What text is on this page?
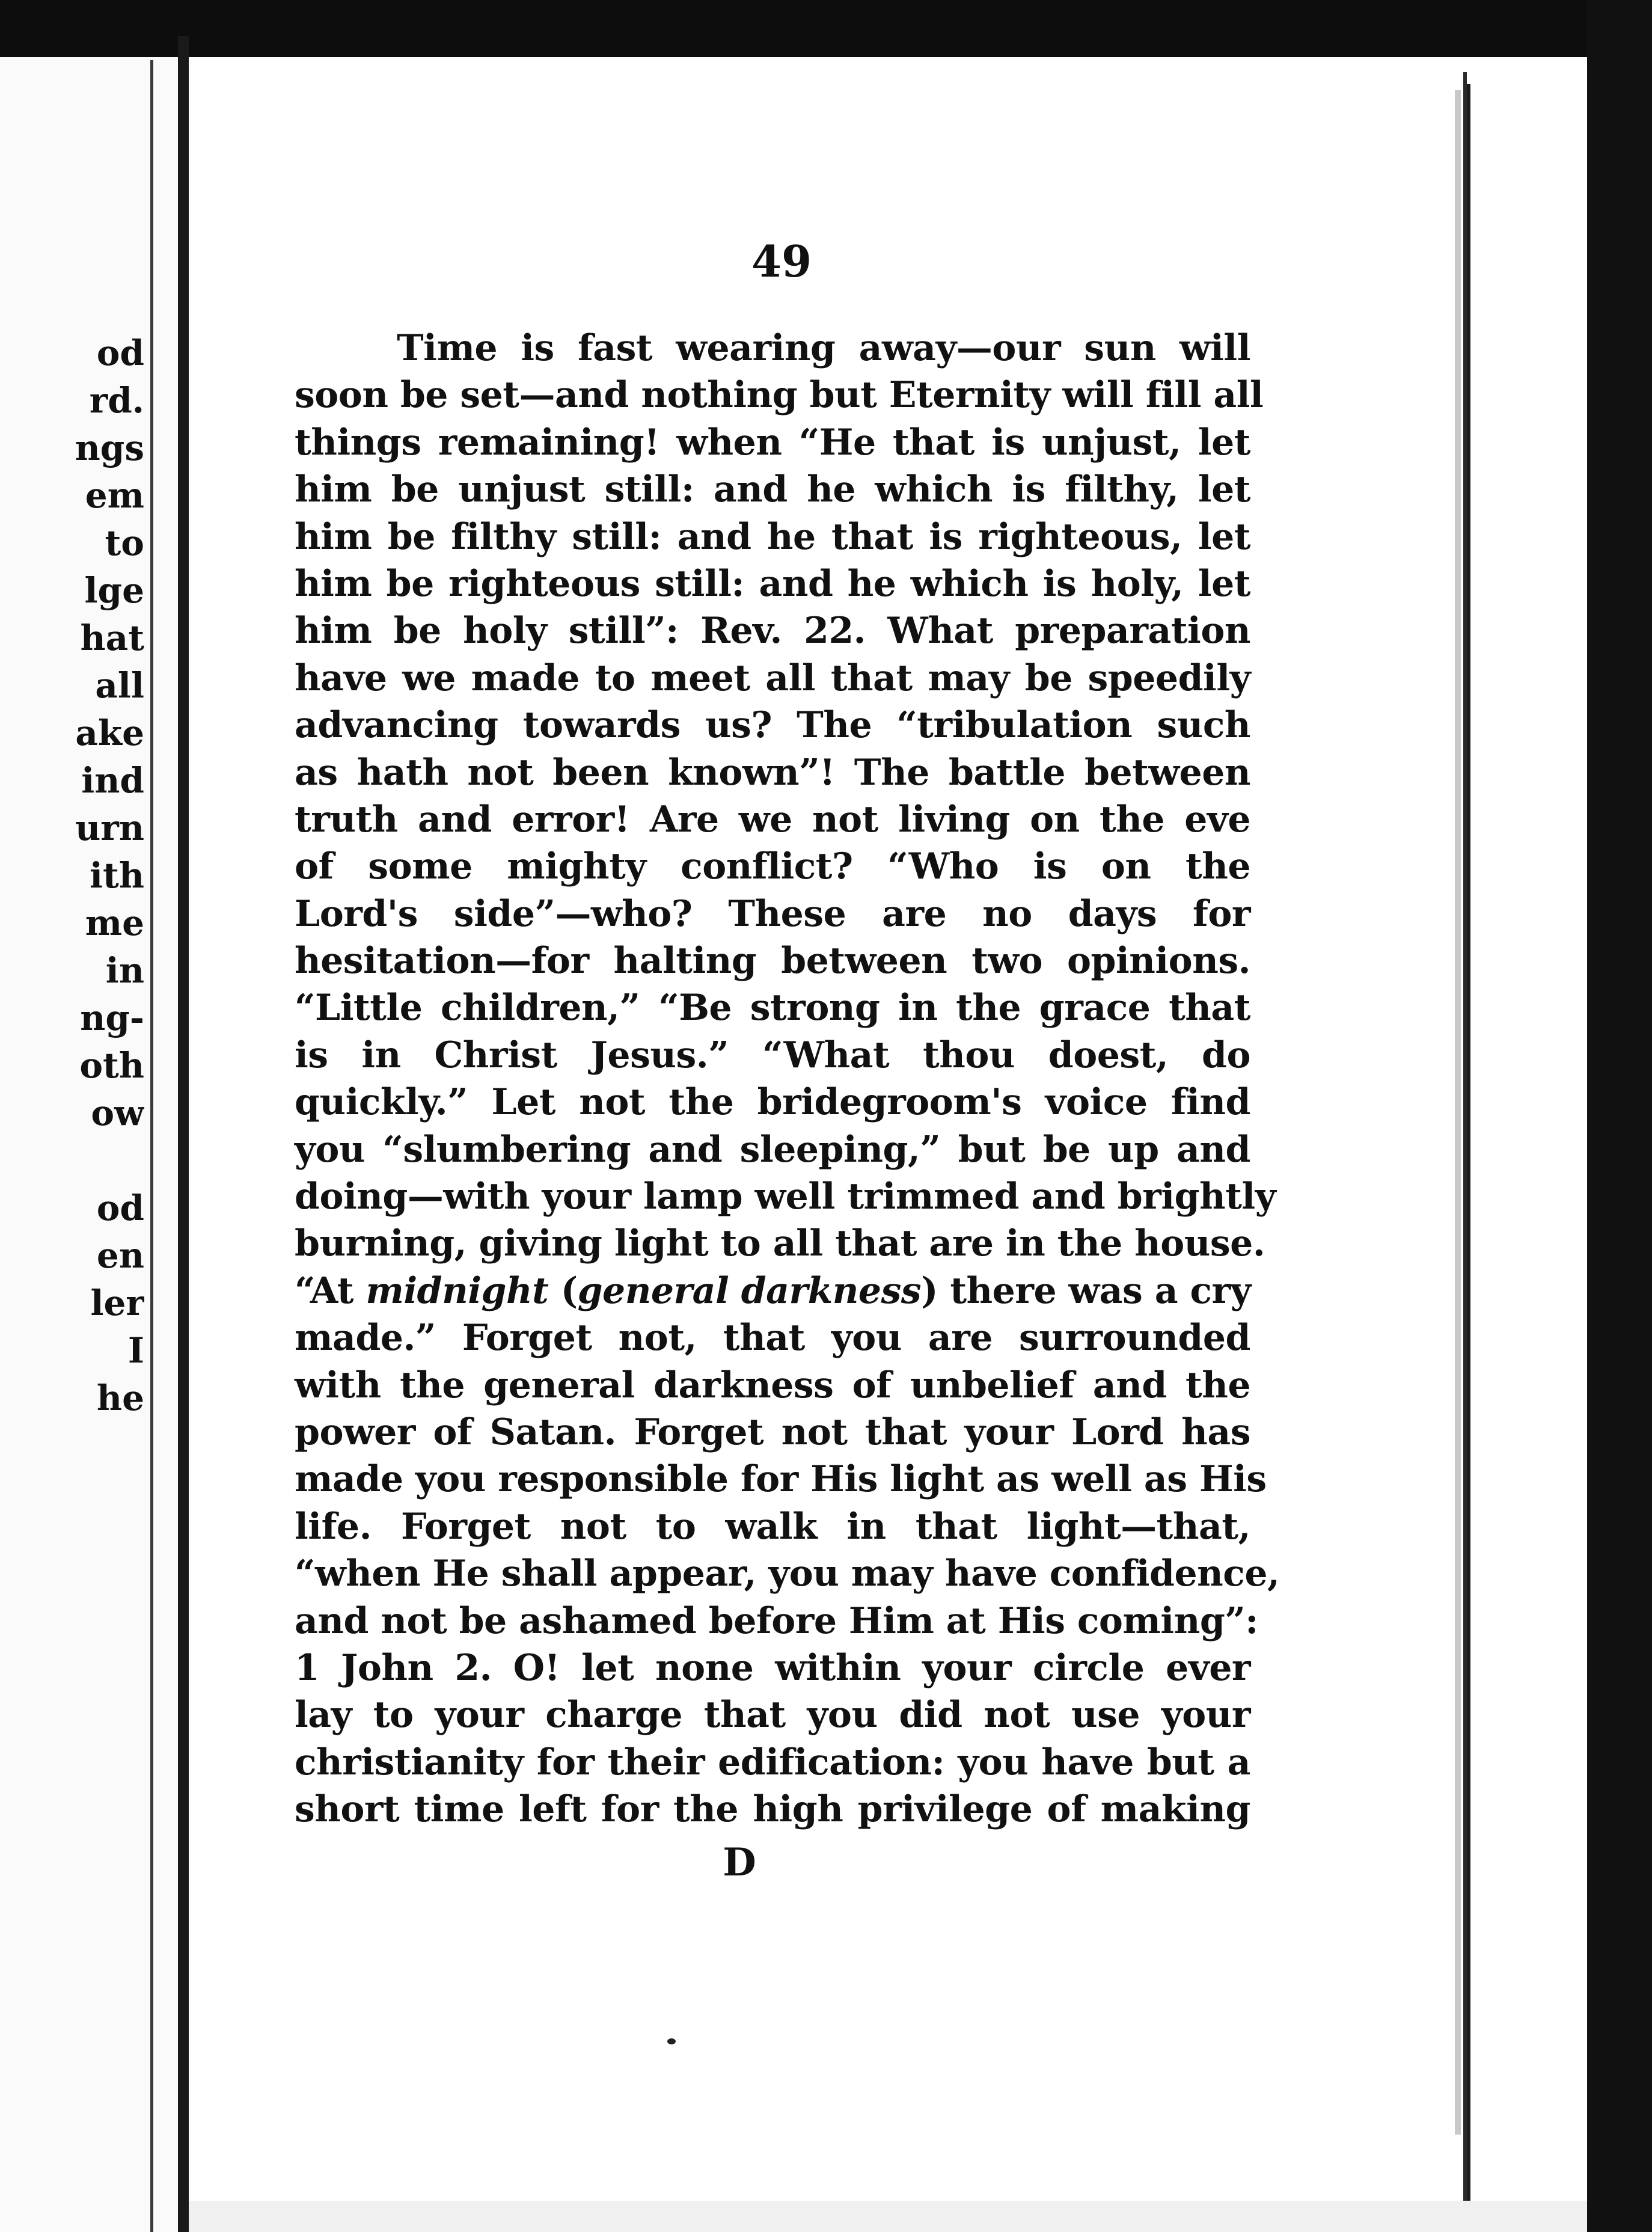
od
rd.
ngs
em
to
lge
hat
all
ake
ind
urn
ith
me
in
ng-
oth
ow
od
en
ler
I
he
49
Time is fast wearing away—our sun will
soon be set—and nothing but Eternity will fill all
things remaining! when “He that is unjust, let
him be unjust still: and he which is filthy, let
him be filthy still: and he that is righteous, let
him be righteous still: and he which is holy, let
him be holy still”: Rev. 22. What preparation
have we made to meet all that may be speedily
advancing towards us? The “tribulation such
as hath not been known”! The battle between
truth and error! Are we not living on the eve
of some mighty conflict? “Who is on the
Lord's side”—who? These are no days for
hesitation—for halting between two opinions.
“Little children,” “Be strong in the grace that
is in Christ Jesus.” “What thou doest, do
quickly.” Let not the bridegroom's voice find
you “slumbering and sleeping,” but be up and
doing—with your lamp well trimmed and brightly
burning, giving light to all that are in the house.
“At midnight (general darkness) there was a cry
made.” Forget not, that you are surrounded
with the general darkness of unbelief and the
power of Satan. Forget not that your Lord has
made you responsible for His light as well as His
life. Forget not to walk in that light—that,
“when He shall appear, you may have confidence,
and not be ashamed before Him at His coming”:
1 John 2. O! let none within your circle ever
lay to your charge that you did not use your
christianity for their edification: you have but a
short time left for the high privilege of making
D
